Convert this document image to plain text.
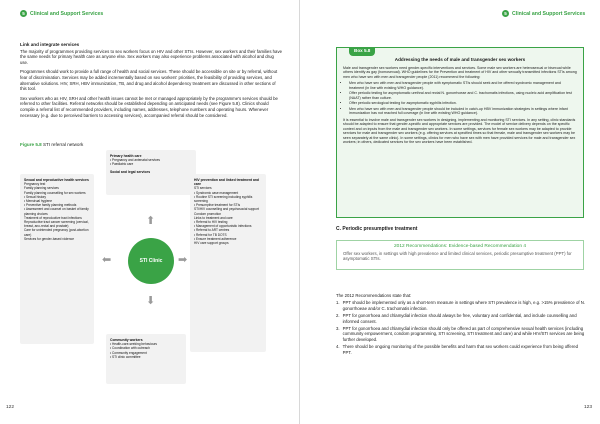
5	Clinical and Support Services
Link and integrate services

The majority of programmes providing services to sex workers focus on HIV and other STIs. However, sex workers and their families have the same needs for primary health care as anyone else. Sex workers may also experience problems associated with alcohol and drug use.

Programmes should work to provide a full range of health and social services. These should be accessible on site or by referral, without fear of discrimination. Services may be added incrementally based on sex workers' priorities, the feasibility of providing services, and alternative solutions. HIV, SRH, HBV immunization, TB, and drug and alcohol dependency treatment are discussed in other sections of this tool.

Sex workers who as HIV, SRH and other health issues cannot be met or managed appropriately by the programme's services should be referred to other facilities. Referral networks should be established depending on anticipated needs (see Figure 5.8). Clinics should compile a referral list of recommended providers, including names, addresses, telephone numbers and operating hours. Whenever necessary (e.g. due to perceived barriers to accessing services), accompanied referral should be considered.

Figure 5.8 STI referral network
Primary health care
• Pregnancy and antenatal services
• Paediatric care
Social and legal services
Sexual and reproductive health services
Pregnancy test
Family planning services
Family planning counselling for sex workers
• Sexual history
• Menstrual hygiene
• Preventive family planning methods
• Assessment and counsel on basket of family planning choices
Treatment of reproductive tract infections
Reproductive tract cancer screening (cervical, breast, ano-rectal and prostate)
Care for unintended pregnancy (post-abortion care)
Services for gender-based violence
HIV prevention and linked treatment and care
STI services
• Syndromic case management
• Routine STI screening including syphilis screening
• Presumptive treatment for STIs
STI/HIV counselling and psychosocial support
Condom promotion
Links to treatment and care
• Referral to HIV testing
• Management of opportunistic infections
• Referral to ART centres
• Referral for TB DOTS
• Ensure treatment adherence
HIV care support groups
Community workers
• Health-care-seeking behaviours
• Coordination with outreach
• Community engagement
• STI clinic committee
⬆
⬇
⬅	➡
STI Clinic
122
5	Clinical and Support Services
Box 5.8
Addressing the needs of male and transgender sex workers

Male and transgender sex workers need gender-specific interventions and services. Some male sex workers are heterosexual or bisexual while others identify as gay (homosexual). WHO guidelines for the Prevention and treatment of HIV and other sexually transmitted infections STIs among men who have sex with men and transgender people (2011) recommend the following:

• Men who have sex with men and transgender people with symptomatic STIs should seek and be offered syndromic management and treatment (in line with existing WHO guidance).
• Offer periodic testing for asymptomatic urethral and rectal N. gonorrhoeae and C. trachomatis infections, using nucleic acid amplification test (NAAT) rather than culture.
• Offer periodic serological testing for asymptomatic syphilis infection.
• Men who have sex with men and transgender people should be included in catch-up HBV immunization strategies in settings where infant immunization has not reached full coverage (in line with existing WHO guidance).

It is essential to involve male and transgender sex workers in designing, implementing and monitoring STI services. In any setting, clinic standards should be adapted to ensure that gender-specific and appropriate services are provided. The model of service delivery depends on the specific context and on inputs from the male and transgender sex workers. In some settings, services for female sex workers may be adapted to provide services for male and transgender sex workers (e.g. offering services at specified times so that female, male and transgender sex workers may be seen separately at the same clinic). In some settings, clinics for men who have sex with men have provided services for male and transgender sex workers; in others, dedicated services for the sex workers have been established.

C. Periodic presumptive treatment
2012 Recommendations: Evidence-based Recommendation 4
Offer sex workers, in settings with high prevalence and limited clinical services, periodic presumptive treatment (PPT) for asymptomatic STIs.

The 2012 Recommendations state that:

1. PPT should be implemented only as a short-term measure in settings where STI prevalence is high, e.g. >15% prevalence of N. gonorrhoeae and/or C. trachomatis infection.
2. PPT for gonorrhoea and chlamydial infection should always be free, voluntary and confidential, and include counselling and informed consent.
3. PPT for gonorrhoea and chlamydial infection should only be offered as part of comprehensive sexual health services (including community empowerment, condom programming, STI screening, STI treatment and care) and while HIV/STI services are being further developed.
4. There should be ongoing monitoring of the possible benefits and harm that sex workers could experience from being offered PPT.
123
